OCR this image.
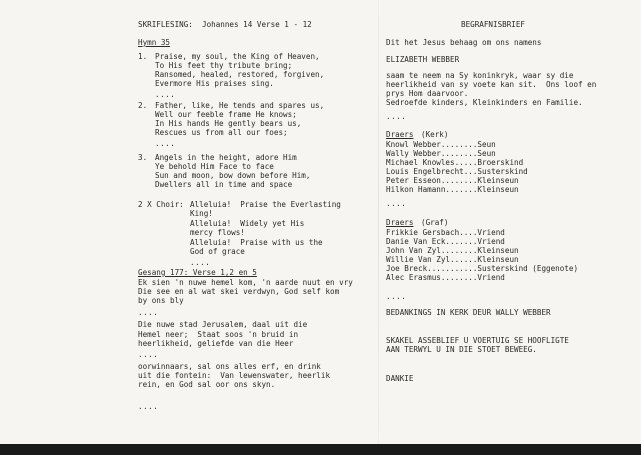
SKRIFLESING:  Johannes 14 Verse 1 - 12
Hymn 35
1. Praise, my soul, the King of Heaven,
To His feet thy tribute bring;
Ransomed, healed, restored, forgiven,
Evermore His praises sing.
....
2. Father, like, He tends and spares us,
Well our feeble frame He knows;
In His hands He gently bears us,
Rescues us from all our foes;
....
3. Angels in the height, adore Him
Ye behold Him Face to face
Sun and moon, bow down before Him,
Dwellers all in time and space
2 X Choir: Alleluia!  Praise the Everlasting
King!
Alleluia!  Widely yet His
mercy flows!
Alleluia!  Praise with us the
God of grace
....
Gesang 177: Verse 1,2 en 5
Ek sien 'n nuwe hemel kom, 'n aarde nuut en vry
Die see en al wat skei verdwyn, God self kom
by ons bly
....
Die nuwe stad Jerusalem, daal uit die
Hemel neer;  Staat soos 'n bruid in
heerlikheid, geliefde van die Heer
....
oorwinnaars, sal ons alles erf, en drink
uit die fontein:  Van lewenswater, heerlik
rein, en God sal oor ons skyn.
....
BEGRAFNISBRIEF
Dit het Jesus behaag om ons namens
ELIZABETH WEBBER
saam te neem na Sy koninkryk, waar sy die
heerlikheid van sy voete kan sit.  Ons loof en
prys Hom daarvoor.
Sedroefde kinders, Kleinkinders en Familie.
....
Draers (Kerk)
Knowl Webber........Seun
Wally Webber........Seun
Michael Knowles.....Broerskind
Louis Engelbrecht...Susterskind
Peter Esseon........Kleinseun
Hilkon Hamann.......Kleinseun
....
Draers (Graf)
Frikkie Gersbach....Vriend
Danie Van Eck.......Vriend
John Van Zyl........Kleinseun
Willie Van Zyl......Kleinseun
Joe Breck...........Susterskind (Eggenote)
Alec Erasmus........Vriend
....
BEDANKINGS IN KERK DEUR WALLY WEBBER
SKAKEL ASSEBLIEF U VOERTUIG SE HOOFLIGTE
AAN TERWYL U IN DIE STOET BEWEEG.
DANKIE
